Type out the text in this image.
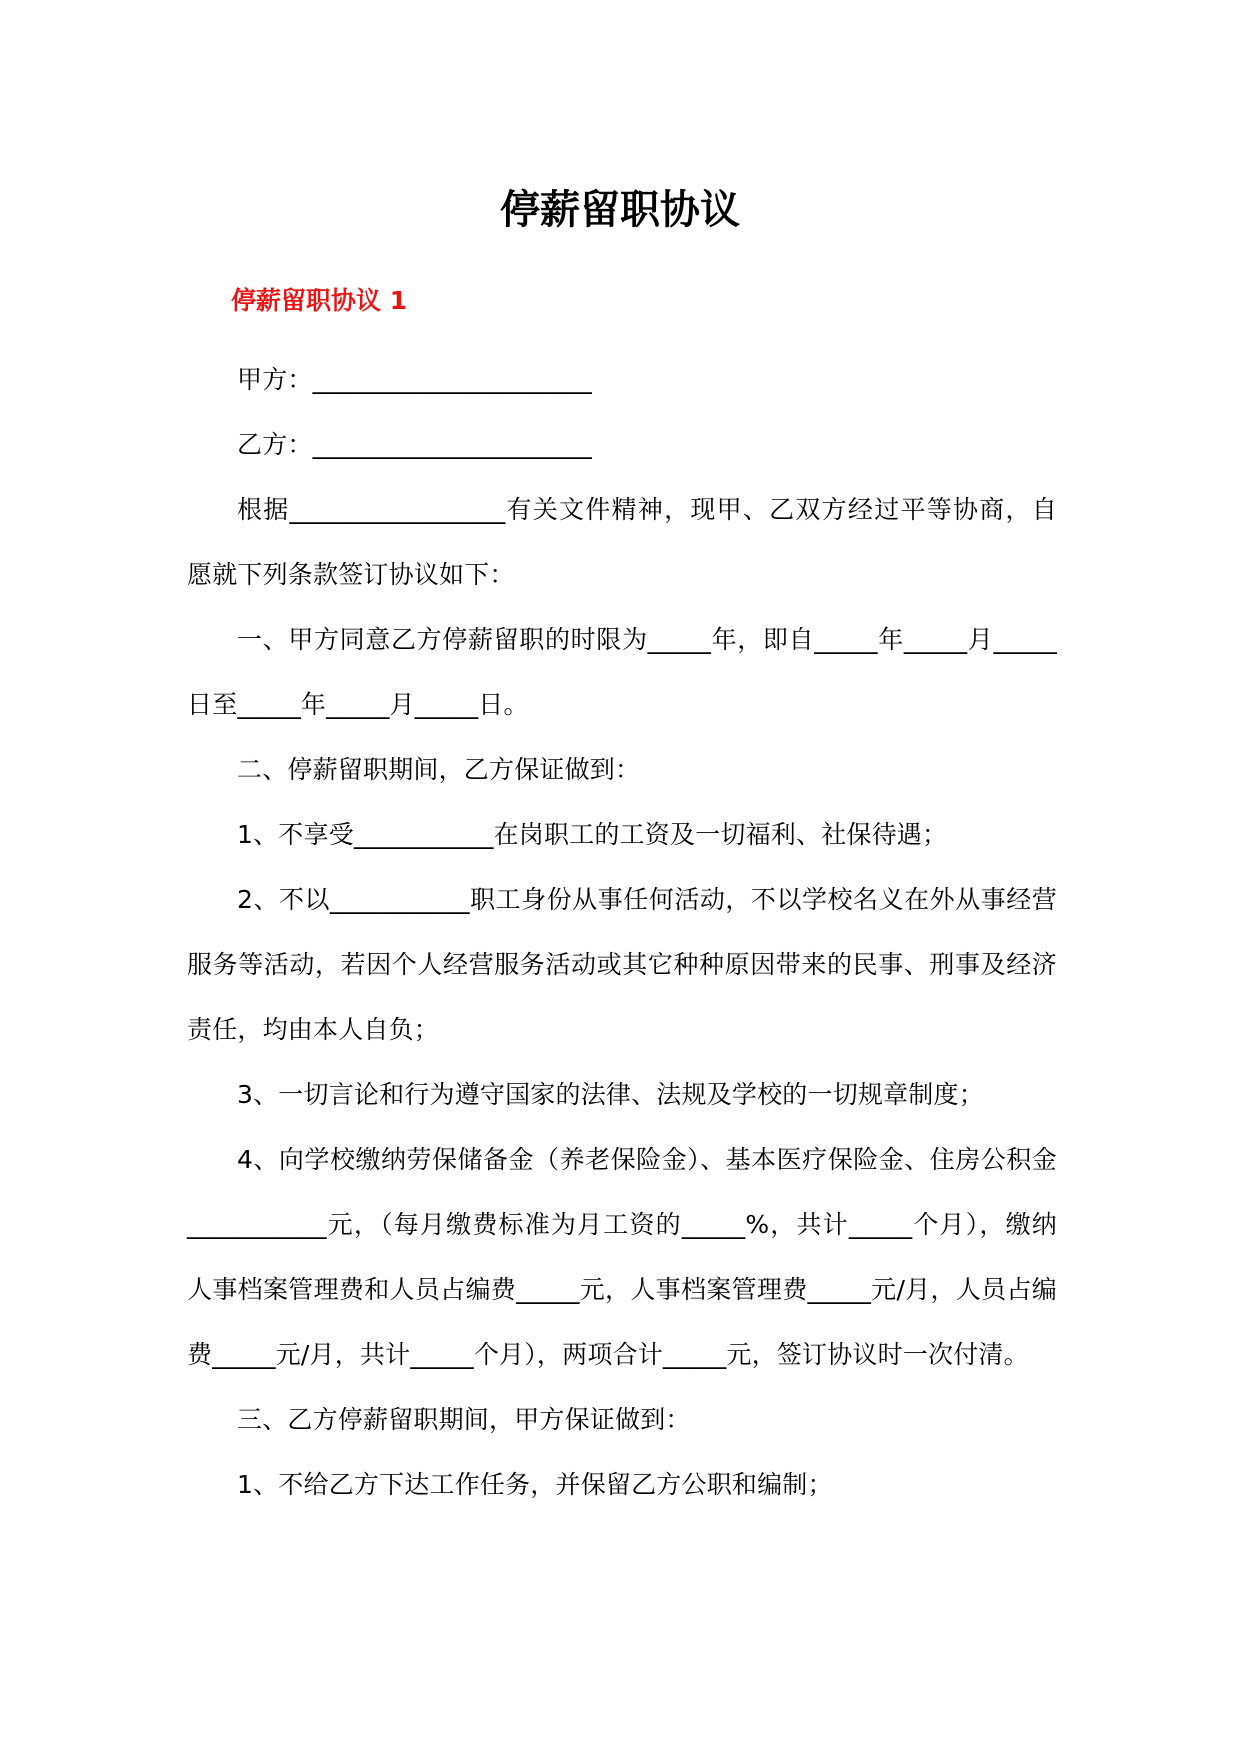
停薪留职协议
停薪留职协议 1

甲方：______________________

乙方：______________________

根据_________________有关文件精神，现甲、乙双方经过平等协商，自愿就下列条款签订协议如下：

一、甲方同意乙方停薪留职的时限为_____年，即自_____年_____月_____日至_____年_____月_____日。

二、停薪留职期间，乙方保证做到：

1、不享受___________在岗职工的工资及一切福利、社保待遇；

2、不以___________职工身份从事任何活动，不以学校名义在外从事经营服务等活动，若因个人经营服务活动或其它种种原因带来的民事、刑事及经济责任，均由本人自负；

3、一切言论和行为遵守国家的法律、法规及学校的一切规章制度；

4、向学校缴纳劳保储备金（养老保险金）、基本医疗保险金、住房公积金___________元，（每月缴费标准为月工资的_____%，共计_____个月），缴纳人事档案管理费和人员占编费_____元，人事档案管理费_____元/月，人员占编费_____元/月，共计_____个月），两项合计_____元，签订协议时一次付清。

三、乙方停薪留职期间，甲方保证做到：

1、不给乙方下达工作任务，并保留乙方公职和编制；
